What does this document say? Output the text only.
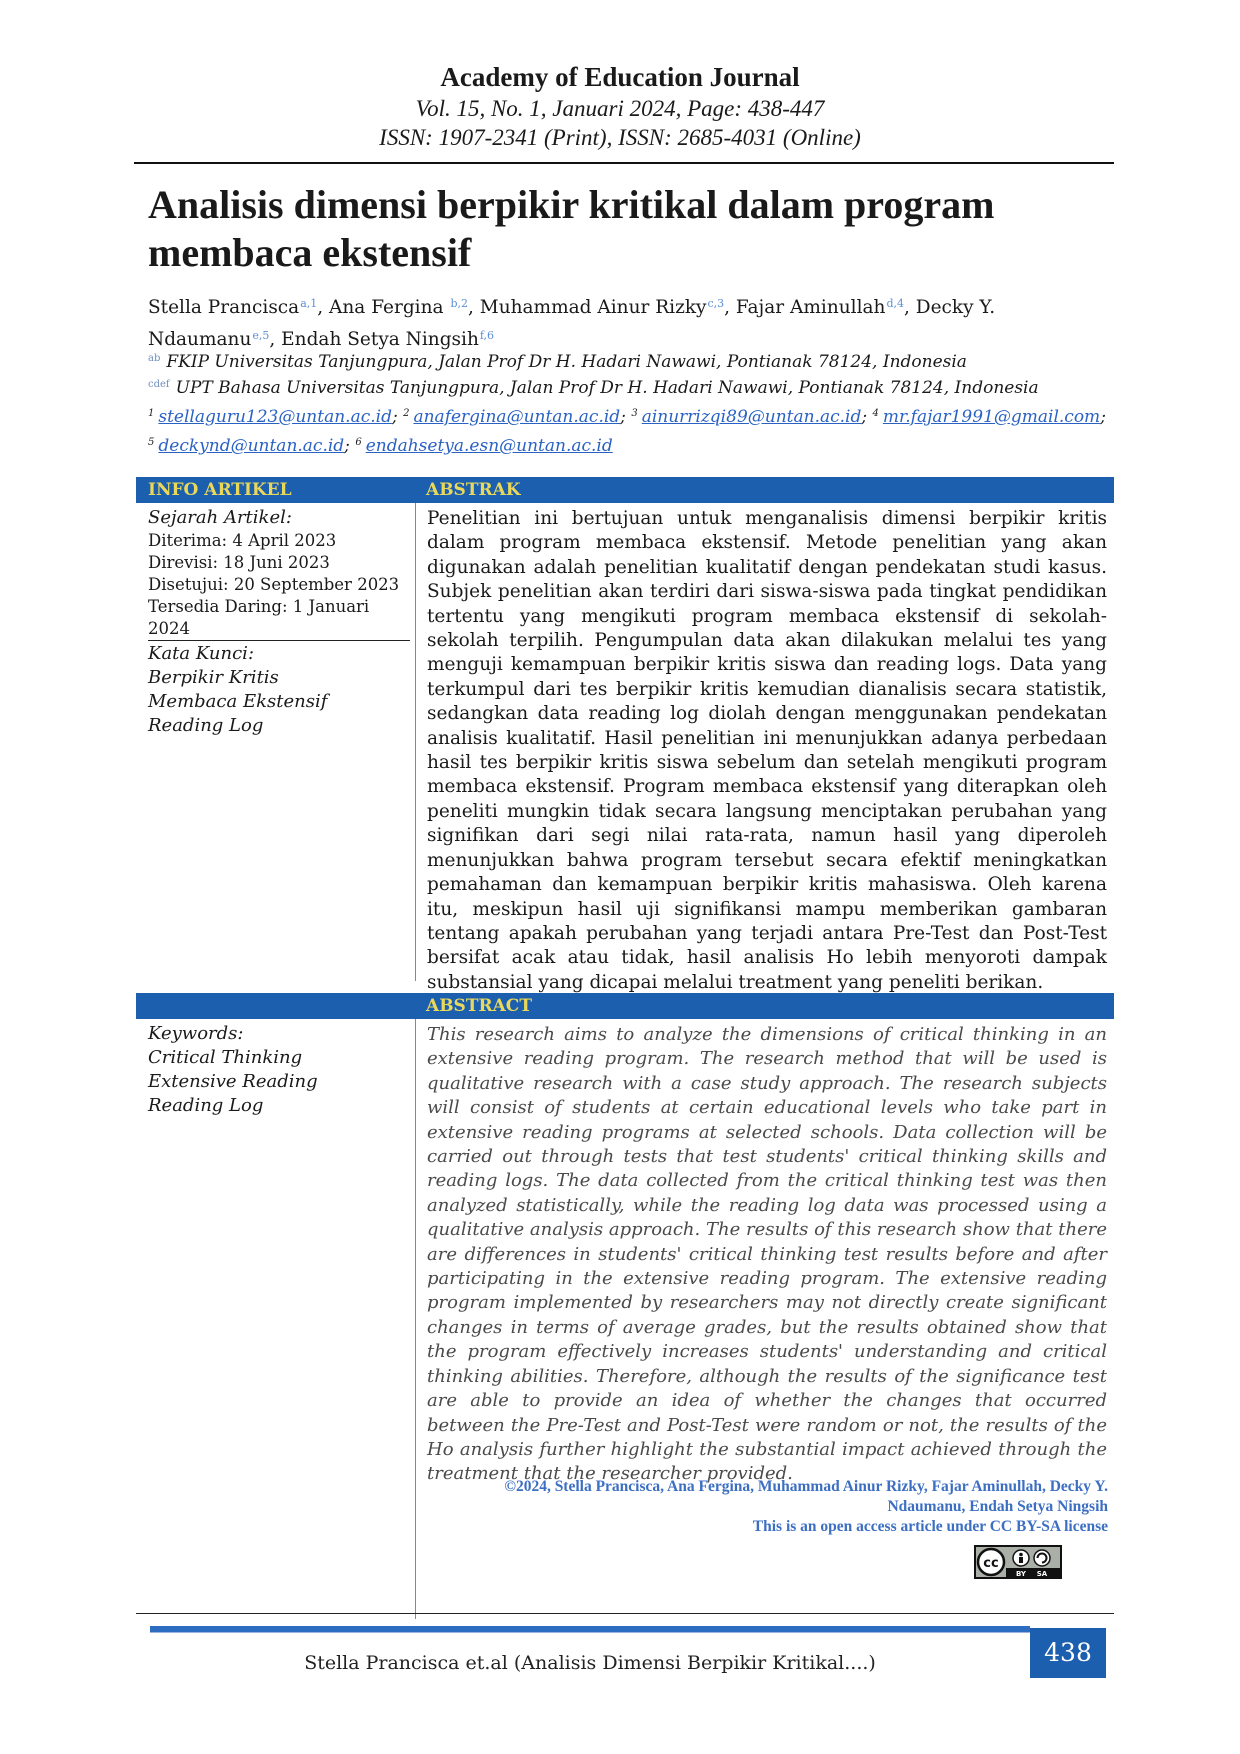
Academy of Education Journal
Vol. 15, No. 1, Januari 2024, Page: 438-447
ISSN: 1907-2341 (Print), ISSN: 2685-4031 (Online)
Analisis dimensi berpikir kritikal dalam program
membaca ekstensif
Stella Prancisca$^{a,1}$, Ana Fergina $^{b,2}$, Muhammad Ainur Rizky$^{c,3}$, Fajar Aminullah$^{d,4}$, Decky Y.
Ndaumanu$^{e,5}$, Endah Setya Ningsih$^{f,6}$
$^{ab}$ FKIP Universitas Tanjungpura, Jalan Prof Dr H. Hadari Nawawi, Pontianak 78124, Indonesia
$^{cdef}$ UPT Bahasa Universitas Tanjungpura, Jalan Prof Dr H. Hadari Nawawi, Pontianak 78124, Indonesia
$^1$ stellaguru123@untan.ac.id; $^2$ anafergina@untan.ac.id; $^3$ ainurrizqi89@untan.ac.id; $^4$ mr.fajar1991@gmail.com;
$^5$ deckynd@untan.ac.id; $^6$ endahsetya.esn@untan.ac.id
INFO ARTIKEL	ABSTRAK
Sejarah Artikel:
Diterima: 4 April 2023
Direvisi: 18 Juni 2023
Disetujui: 20 September 2023
Tersedia Daring: 1 Januari 2024
Kata Kunci:
Berpikir Kritis
Membaca Ekstensif
Reading Log
Penelitian ini bertujuan untuk menganalisis dimensi berpikir kritis dalam program membaca ekstensif. Metode penelitian yang akan digunakan adalah penelitian kualitatif dengan pendekatan studi kasus. Subjek penelitian akan terdiri dari siswa-siswa pada tingkat pendidikan tertentu yang mengikuti program membaca ekstensif di sekolah-sekolah terpilih. Pengumpulan data akan dilakukan melalui tes yang menguji kemampuan berpikir kritis siswa dan reading logs. Data yang terkumpul dari tes berpikir kritis kemudian dianalisis secara statistik, sedangkan data reading log diolah dengan menggunakan pendekatan analisis kualitatif. Hasil penelitian ini menunjukkan adanya perbedaan hasil tes berpikir kritis siswa sebelum dan setelah mengikuti program membaca ekstensif. Program membaca ekstensif yang diterapkan oleh peneliti mungkin tidak secara langsung menciptakan perubahan yang signifikan dari segi nilai rata-rata, namun hasil yang diperoleh menunjukkan bahwa program tersebut secara efektif meningkatkan pemahaman dan kemampuan berpikir kritis mahasiswa. Oleh karena itu, meskipun hasil uji signifikansi mampu memberikan gambaran tentang apakah perubahan yang terjadi antara Pre-Test dan Post-Test bersifat acak atau tidak, hasil analisis Ho lebih menyoroti dampak substansial yang dicapai melalui treatment yang peneliti berikan.
ABSTRACT
Keywords:
Critical Thinking
Extensive Reading
Reading Log
This research aims to analyze the dimensions of critical thinking in an extensive reading program. The research method that will be used is qualitative research with a case study approach. The research subjects will consist of students at certain educational levels who take part in extensive reading programs at selected schools. Data collection will be carried out through tests that test students' critical thinking skills and reading logs. The data collected from the critical thinking test was then analyzed statistically, while the reading log data was processed using a qualitative analysis approach. The results of this research show that there are differences in students' critical thinking test results before and after participating in the extensive reading program. The extensive reading program implemented by researchers may not directly create significant changes in terms of average grades, but the results obtained show that the program effectively increases students' understanding and critical thinking abilities. Therefore, although the results of the significance test are able to provide an idea of whether the changes that occurred between the Pre-Test and Post-Test were random or not, the results of the Ho analysis further highlight the substantial impact achieved through the treatment that the researcher provided.
©2024, Stella Prancisca, Ana Fergina, Muhammad Ainur Rizky, Fajar Aminullah, Decky Y.
Ndaumanu, Endah Setya Ningsih
This is an open access article under CC BY-SA license
cc
BY SA
Stella Prancisca et.al (Analisis Dimensi Berpikir Kritikal....)	438
